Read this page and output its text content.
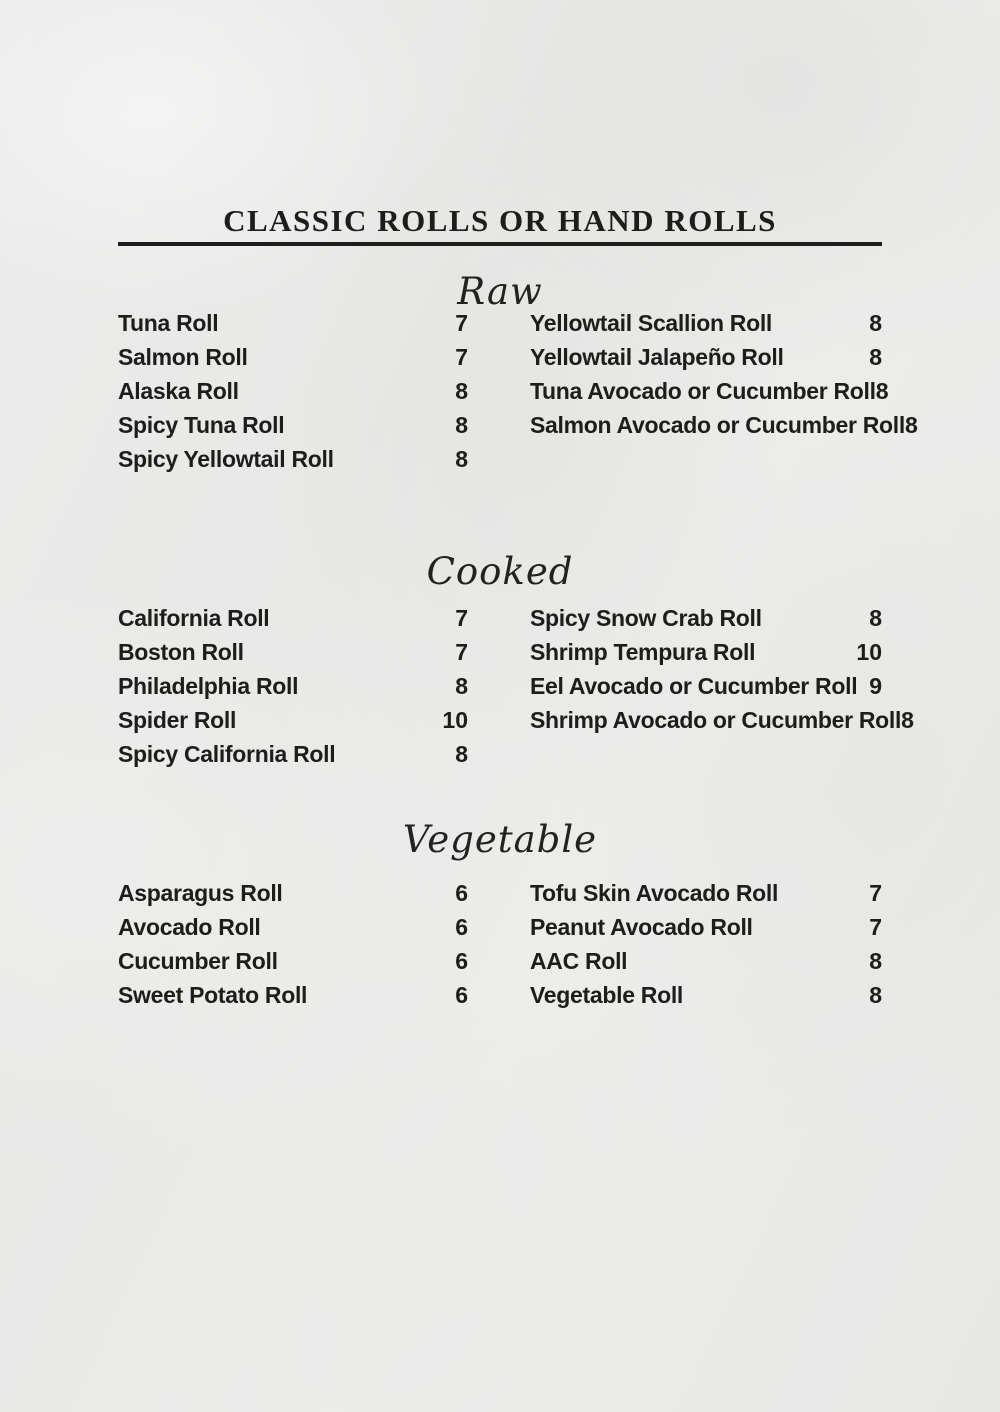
CLASSIC ROLLS OR HAND ROLLS
Raw
Tuna Roll	7
Salmon Roll	7
Alaska Roll	8
Spicy Tuna Roll	8
Spicy Yellowtail Roll	8
Yellowtail Scallion Roll	8
Yellowtail Jalapeño Roll	8
Tuna Avocado or Cucumber Roll 8
Salmon Avocado or Cucumber Roll 8
Cooked
California Roll	7
Boston Roll	7
Philadelphia Roll	8
Spider Roll	10
Spicy California Roll	8
Spicy Snow Crab Roll	8
Shrimp Tempura Roll	10
Eel Avocado or Cucumber Roll 9
Shrimp Avocado or Cucumber Roll 8
Vegetable
Asparagus Roll	6
Avocado Roll	6
Cucumber Roll	6
Sweet Potato Roll	6
Tofu Skin Avocado Roll	7
Peanut Avocado Roll	7
AAC Roll	8
Vegetable Roll	8
